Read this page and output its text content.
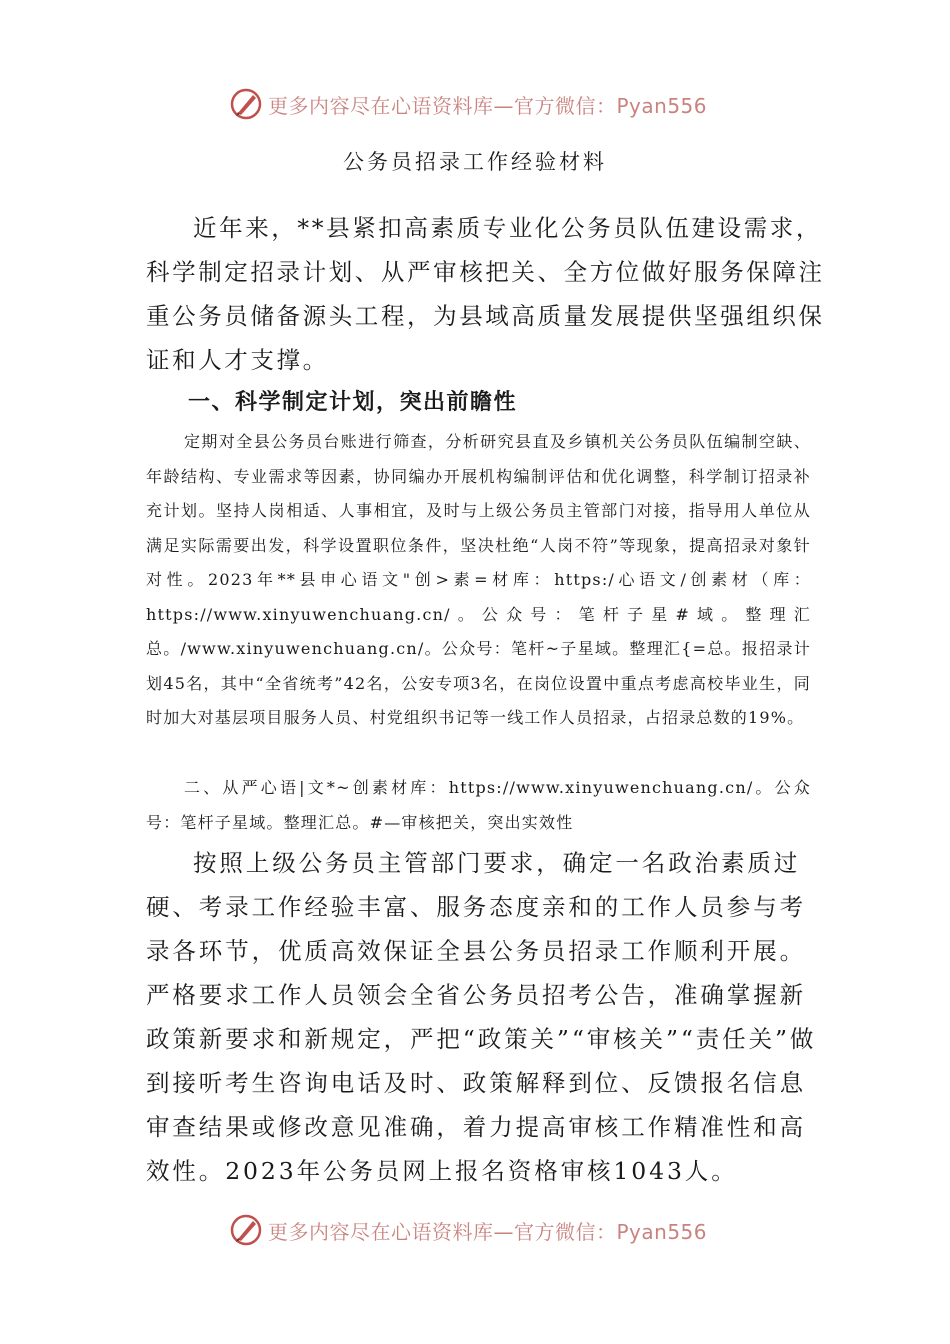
更多内容尽在心语资料库—官方微信：Pyan556
公务员招录工作经验材料

近年来，**县紧扣高素质专业化公务员队伍建设需求，科学制定招录计划、从严审核把关、全方位做好服务保障注重公务员储备源头工程，为县域高质量发展提供坚强组织保证和人才支撑。

一、科学制定计划，突出前瞻性

定期对全县公务员台账进行筛查，分析研究县直及乡镇机关公务员队伍编制空缺、年龄结构、专业需求等因素，协同编办开展机构编制评估和优化调整，科学制订招录补充计划。坚持人岗相适、人事相宜，及时与上级公务员主管部门对接，指导用人单位从满足实际需要出发，科学设置职位条件，坚决杜绝“人岗不符”等现象，提高招录对象针对性。2023年**县申心语文"创>素=材库：https:/心语文/创素材（库：https://www.xinyuwenchuang.cn/。公众号：笔杆子星#域。整理汇总。/www.xinyuwenchuang.cn/。公众号：笔杆~子星域。整理汇{=总。报招录计划45名，其中“全省统考”42名，公安专项3名，在岗位设置中重点考虑高校毕业生，同时加大对基层项目服务人员、村党组织书记等一线工作人员招录，占招录总数的19%。

二、从严心语|文*~创素材库：https://www.xinyuwenchuang.cn/。公众号：笔杆子星域。整理汇总。#—审核把关，突出实效性

按照上级公务员主管部门要求，确定一名政治素质过硬、考录工作经验丰富、服务态度亲和的工作人员参与考录各环节，优质高效保证全县公务员招录工作顺利开展。严格要求工作人员领会全省公务员招考公告，准确掌握新政策新要求和新规定，严把“政策关”“审核关”“责任关”做到接听考生咨询电话及时、政策解释到位、反馈报名信息审查结果或修改意见准确，着力提高审核工作精准性和高效性。2023年公务员网上报名资格审核1043人。

更多内容尽在心语资料库—官方微信：Pyan556
